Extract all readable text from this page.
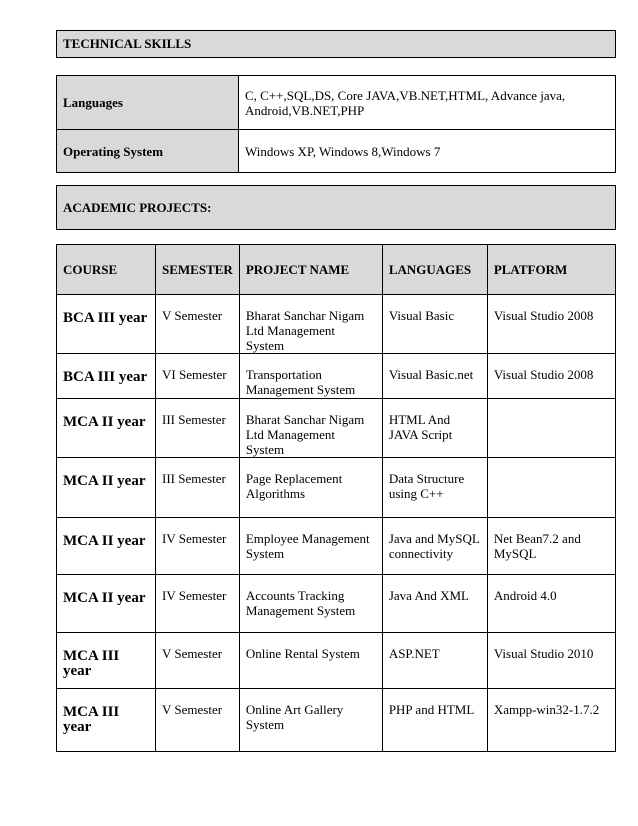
TECHNICAL SKILLS
Languages	C, C++,SQL,DS, Core JAVA,VB.NET,HTML, Advance java, Android,VB.NET,PHP
Operating System	Windows XP, Windows 8,Windows 7
ACADEMIC PROJECTS:
COURSE	SEMESTER	PROJECT NAME	LANGUAGES	PLATFORM
BCA III year	V Semester	Bharat Sanchar Nigam Ltd Management System	Visual Basic	Visual Studio 2008
BCA III year	VI Semester	Transportation Management System	Visual Basic.net	Visual Studio 2008
MCA II year	III Semester	Bharat Sanchar Nigam Ltd Management System	HTML And JAVA Script	
MCA II year	III Semester	Page Replacement Algorithms	Data Structure using C++	
MCA II year	IV Semester	Employee Management System	Java and MySQL connectivity	Net Bean7.2 and MySQL
MCA II year	IV Semester	Accounts Tracking Management System	Java And XML	Android 4.0
MCA III year	V Semester	Online Rental System	ASP.NET	Visual Studio 2010
MCA III year	V Semester	Online Art Gallery System	PHP and HTML	Xampp-win32-1.7.2
